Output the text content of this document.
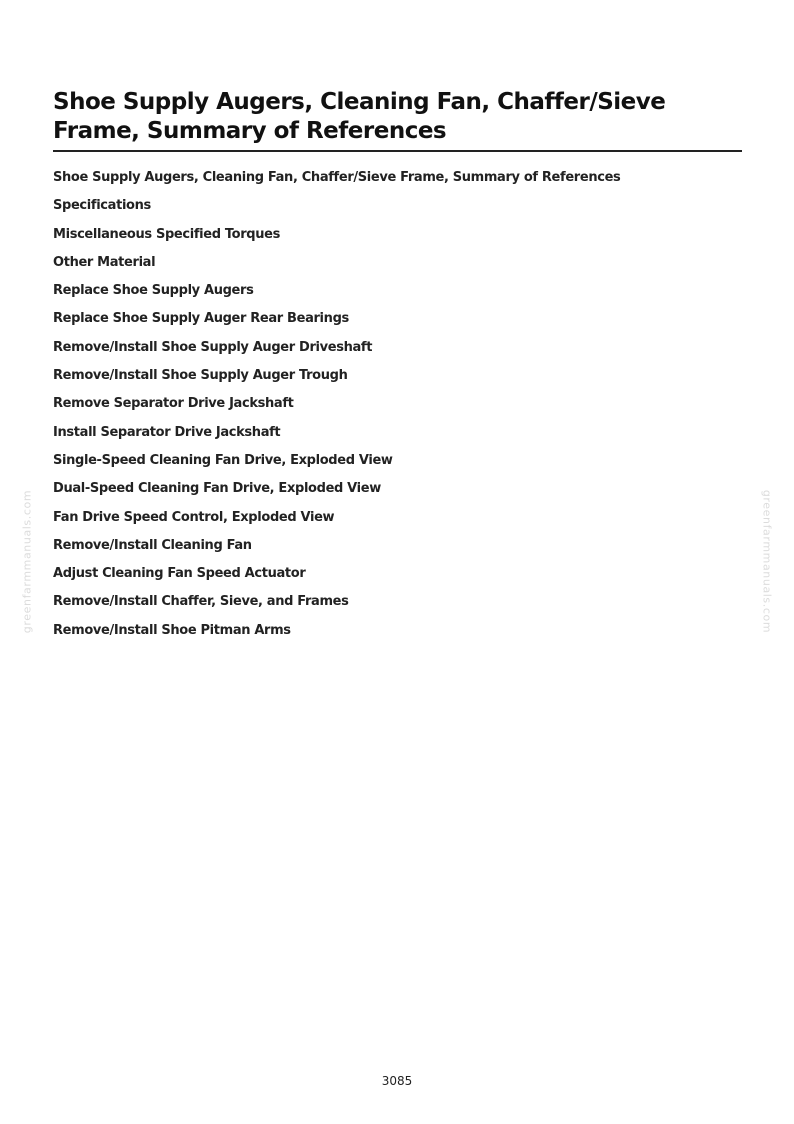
Shoe Supply Augers, Cleaning Fan, Chaffer/Sieve Frame, Summary of References
Shoe Supply Augers, Cleaning Fan, Chaffer/Sieve Frame, Summary of References
Specifications
Miscellaneous Specified Torques
Other Material
Replace Shoe Supply Augers
Replace Shoe Supply Auger Rear Bearings
Remove/Install Shoe Supply Auger Driveshaft
Remove/Install Shoe Supply Auger Trough
Remove Separator Drive Jackshaft
Install Separator Drive Jackshaft
Single-Speed Cleaning Fan Drive, Exploded View
Dual-Speed Cleaning Fan Drive, Exploded View
Fan Drive Speed Control, Exploded View
Remove/Install Cleaning Fan
Adjust Cleaning Fan Speed Actuator
Remove/Install Chaffer, Sieve, and Frames
Remove/Install Shoe Pitman Arms
greenfarmmanuals.com	greenfarmmanuals.com
3085
